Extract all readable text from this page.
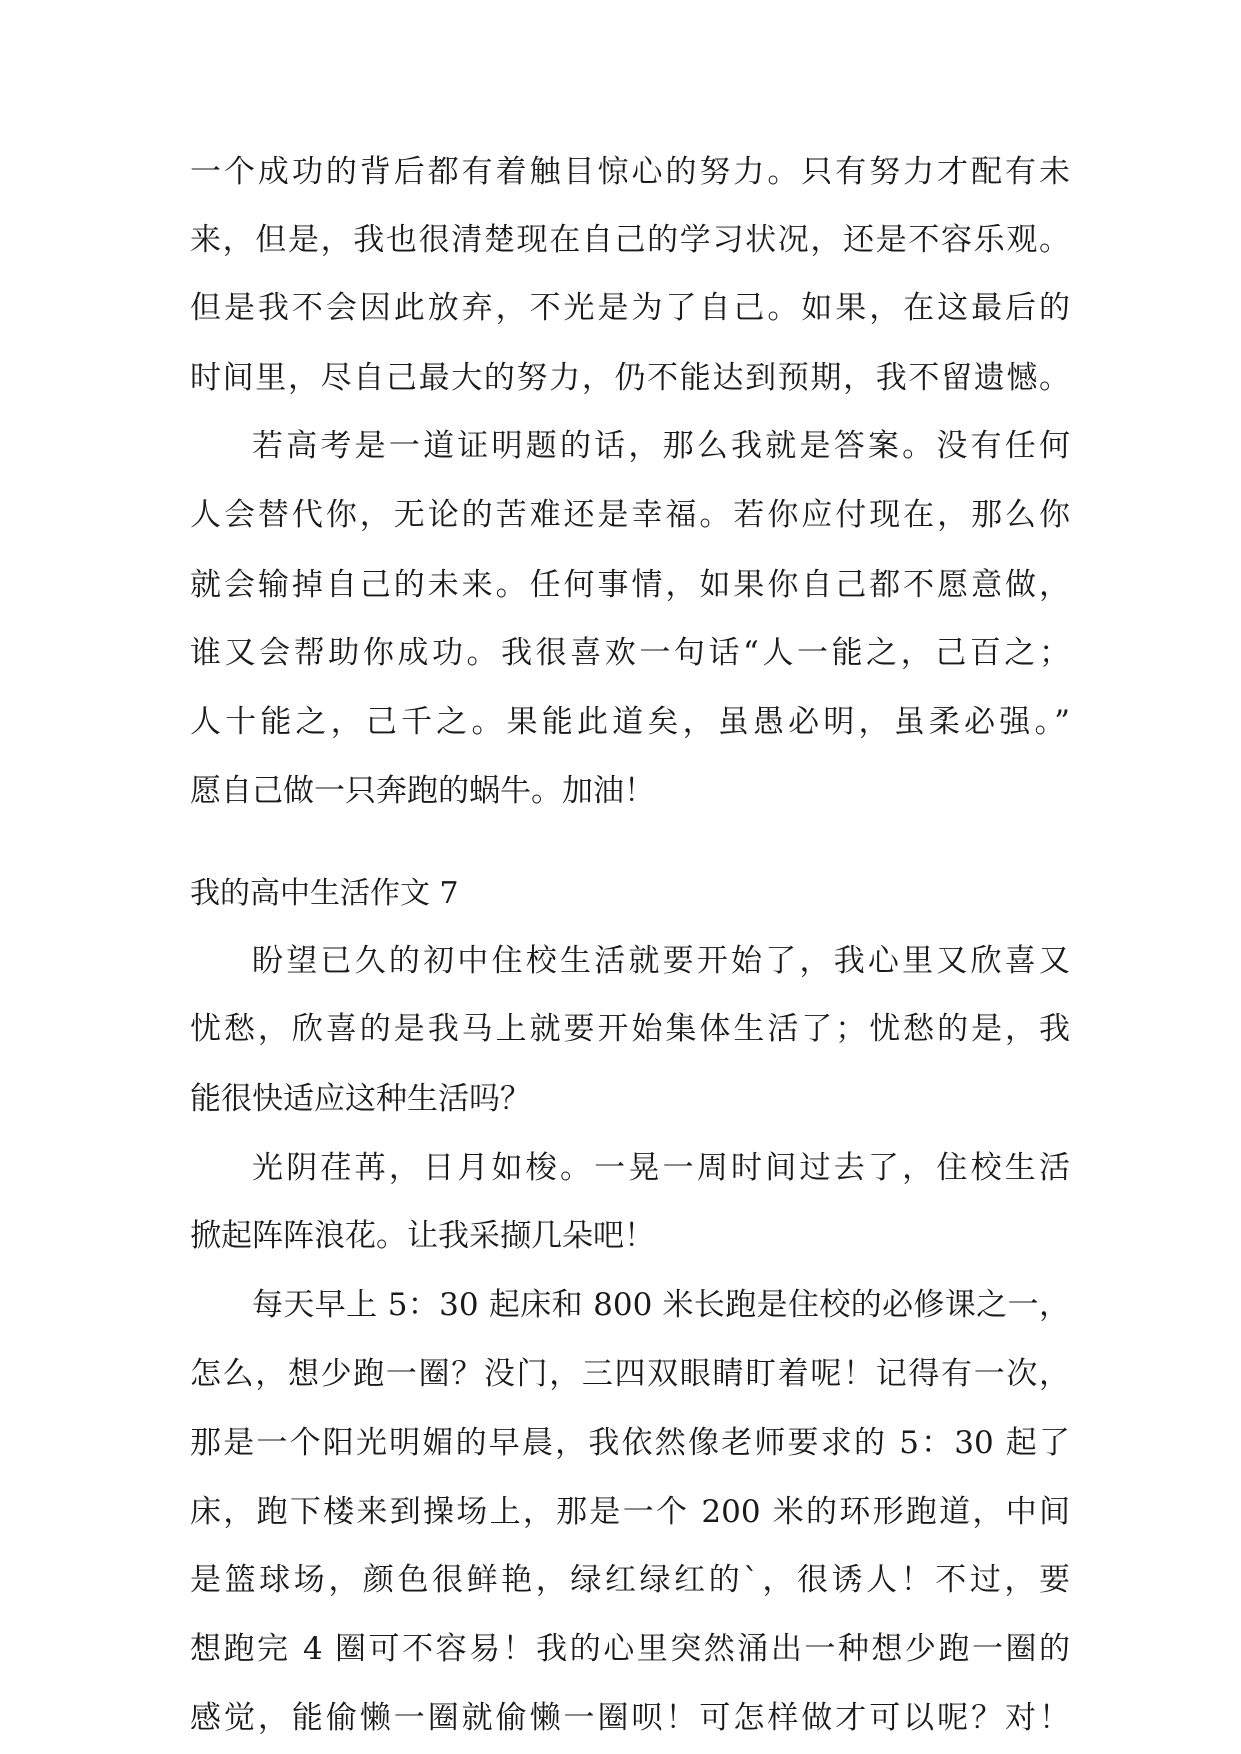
一个成功的背后都有着触目惊心的努力。只有努力才配有未
来，但是，我也很清楚现在自己的学习状况，还是不容乐观。
但是我不会因此放弃，不光是为了自己。如果，在这最后的
时间里，尽自己最大的努力，仍不能达到预期，我不留遗憾。
若高考是一道证明题的话，那么我就是答案。没有任何
人会替代你，无论的苦难还是幸福。若你应付现在，那么你
就会输掉自己的未来。任何事情，如果你自己都不愿意做，
谁又会帮助你成功。我很喜欢一句话“人一能之，己百之；
人十能之，己千之。果能此道矣，虽愚必明，虽柔必强。”
愿自己做一只奔跑的蜗牛。加油！
我的高中生活作文 7
盼望已久的初中住校生活就要开始了，我心里又欣喜又
忧愁，欣喜的是我马上就要开始集体生活了；忧愁的是，我
能很快适应这种生活吗？
光阴荏苒，日月如梭。一晃一周时间过去了，住校生活
掀起阵阵浪花。让我采撷几朵吧！
每天早上 5：30 起床和 800 米长跑是住校的必修课之一，
怎么，想少跑一圈？没门，三四双眼睛盯着呢！记得有一次，
那是一个阳光明媚的早晨，我依然像老师要求的 5：30 起了
床，跑下楼来到操场上，那是一个 200 米的环形跑道，中间
是篮球场，颜色很鲜艳，绿红绿红的`，很诱人！不过，要
想跑完 4 圈可不容易！我的心里突然涌出一种想少跑一圈的
感觉，能偷懒一圈就偷懒一圈呗！可怎样做才可以呢？对！
